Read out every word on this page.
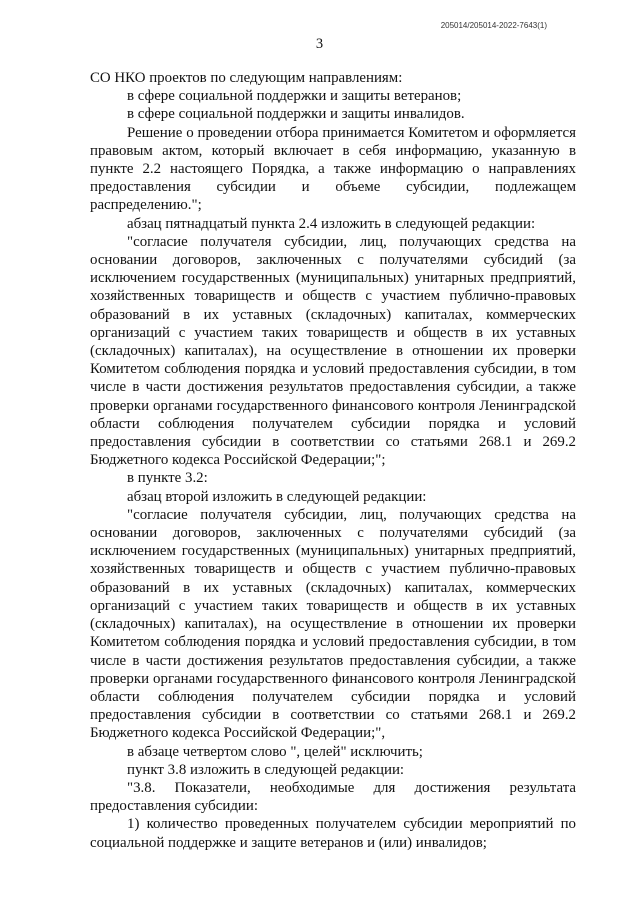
205014/205014-2022-7643(1)
3

СО НКО проектов по следующим направлениям:

в сфере социальной поддержки и защиты ветеранов;

в сфере социальной поддержки и защиты инвалидов.

Решение о проведении отбора принимается Комитетом и оформляется правовым актом, который включает в себя информацию, указанную в пункте 2.2 настоящего Порядка, а также информацию о направлениях предоставления субсидии и объеме субсидии, подлежащем распределению.";

абзац пятнадцатый пункта 2.4 изложить в следующей редакции:

"согласие получателя субсидии, лиц, получающих средства на основании договоров, заключенных с получателями субсидий (за исключением государственных (муниципальных) унитарных предприятий, хозяйственных товариществ и обществ с участием публично-правовых образований в их уставных (складочных) капиталах, коммерческих организаций с участием таких товариществ и обществ в их уставных (складочных) капиталах), на осуществление в отношении их проверки Комитетом соблюдения порядка и условий предоставления субсидии, в том числе в части достижения результатов предоставления субсидии, а также проверки органами государственного финансового контроля Ленинградской области соблюдения получателем субсидии порядка и условий предоставления субсидии в соответствии со статьями 268.1 и 269.2 Бюджетного кодекса Российской Федерации;";

в пункте 3.2:

абзац второй изложить в следующей редакции:

"согласие получателя субсидии, лиц, получающих средства на основании договоров, заключенных с получателями субсидий (за исключением государственных (муниципальных) унитарных предприятий, хозяйственных товариществ и обществ с участием публично-правовых образований в их уставных (складочных) капиталах, коммерческих организаций с участием таких товариществ и обществ в их уставных (складочных) капиталах), на осуществление в отношении их проверки Комитетом соблюдения порядка и условий предоставления субсидии, в том числе в части достижения результатов предоставления субсидии, а также проверки органами государственного финансового контроля Ленинградской области соблюдения получателем субсидии порядка и условий предоставления субсидии в соответствии со статьями 268.1 и 269.2 Бюджетного кодекса Российской Федерации;",

в абзаце четвертом слово ", целей" исключить;

пункт 3.8 изложить в следующей редакции:

"3.8. Показатели, необходимые для достижения результата предоставления субсидии:

1) количество проведенных получателем субсидии мероприятий по социальной поддержке и защите ветеранов и (или) инвалидов;
